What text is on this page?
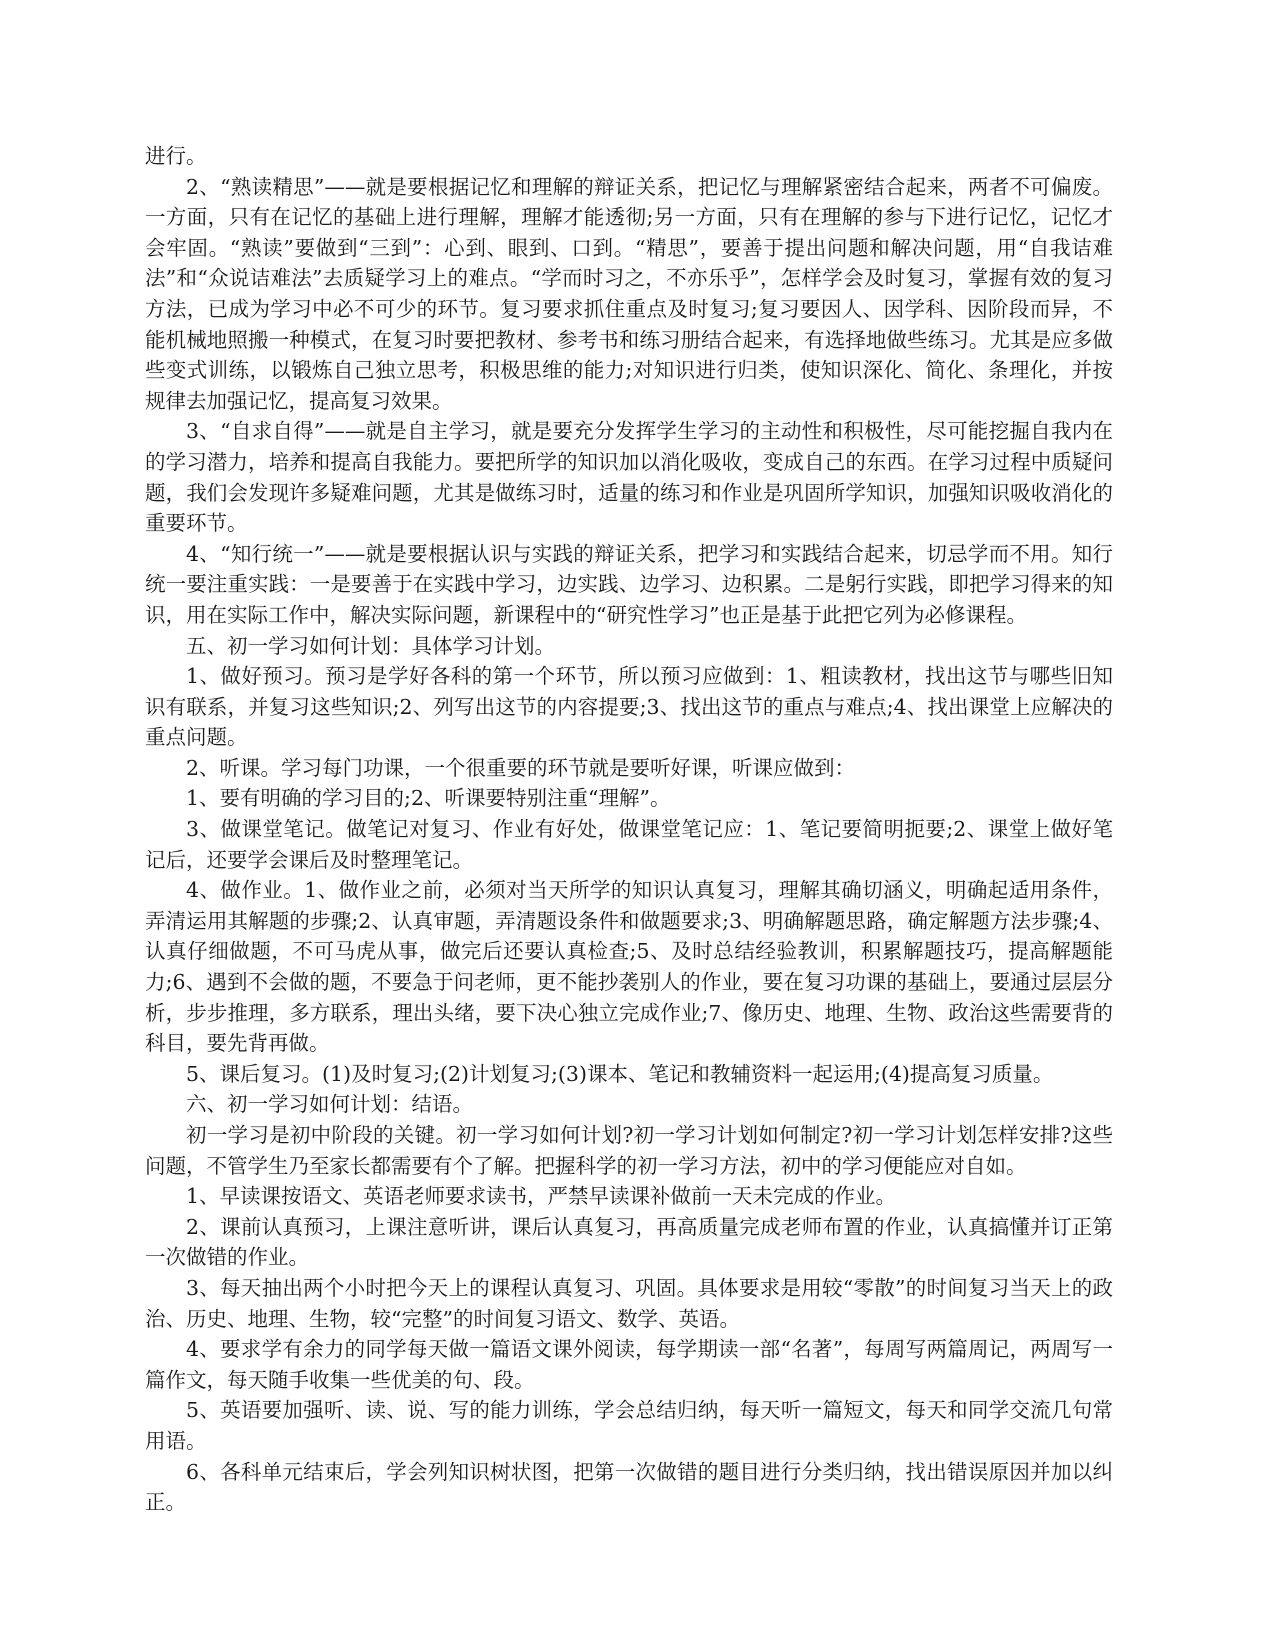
进行。

2、“熟读精思”——就是要根据记忆和理解的辩证关系，把记忆与理解紧密结合起来，两者不可偏废。一方面，只有在记忆的基础上进行理解，理解才能透彻;另一方面，只有在理解的参与下进行记忆，记忆才会牢固。“熟读”要做到“三到”：心到、眼到、口到。“精思”，要善于提出问题和解决问题，用“自我诘难法”和“众说诘难法”去质疑学习上的难点。“学而时习之，不亦乐乎”，怎样学会及时复习，掌握有效的复习方法，已成为学习中必不可少的环节。复习要求抓住重点及时复习;复习要因人、因学科、因阶段而异，不能机械地照搬一种模式，在复习时要把教材、参考书和练习册结合起来，有选择地做些练习。尤其是应多做些变式训练，以锻炼自己独立思考，积极思维的能力;对知识进行归类，使知识深化、简化、条理化，并按规律去加强记忆，提高复习效果。

3、“自求自得”——就是自主学习，就是要充分发挥学生学习的主动性和积极性，尽可能挖掘自我内在的学习潜力，培养和提高自我能力。要把所学的知识加以消化吸收，变成自己的东西。在学习过程中质疑问题，我们会发现许多疑难问题，尤其是做练习时，适量的练习和作业是巩固所学知识，加强知识吸收消化的重要环节。

4、“知行统一”——就是要根据认识与实践的辩证关系，把学习和实践结合起来，切忌学而不用。知行统一要注重实践：一是要善于在实践中学习，边实践、边学习、边积累。二是躬行实践，即把学习得来的知识，用在实际工作中，解决实际问题，新课程中的“研究性学习”也正是基于此把它列为必修课程。

五、初一学习如何计划：具体学习计划。

1、做好预习。预习是学好各科的第一个环节，所以预习应做到：1、粗读教材，找出这节与哪些旧知识有联系，并复习这些知识;2、列写出这节的内容提要;3、找出这节的重点与难点;4、找出课堂上应解决的重点问题。

2、听课。学习每门功课，一个很重要的环节就是要听好课，听课应做到：

1、要有明确的学习目的;2、听课要特别注重“理解”。

3、做课堂笔记。做笔记对复习、作业有好处，做课堂笔记应：1、笔记要简明扼要;2、课堂上做好笔记后，还要学会课后及时整理笔记。

4、做作业。1、做作业之前，必须对当天所学的知识认真复习，理解其确切涵义，明确起适用条件，弄清运用其解题的步骤;2、认真审题，弄清题设条件和做题要求;3、明确解题思路，确定解题方法步骤;4、认真仔细做题，不可马虎从事，做完后还要认真检查;5、及时总结经验教训，积累解题技巧，提高解题能力;6、遇到不会做的题，不要急于问老师，更不能抄袭别人的作业，要在复习功课的基础上，要通过层层分析，步步推理，多方联系，理出头绪，要下决心独立完成作业;7、像历史、地理、生物、政治这些需要背的科目，要先背再做。

5、课后复习。(1)及时复习;(2)计划复习;(3)课本、笔记和教辅资料一起运用;(4)提高复习质量。

六、初一学习如何计划：结语。

初一学习是初中阶段的关键。初一学习如何计划?初一学习计划如何制定?初一学习计划怎样安排?这些问题，不管学生乃至家长都需要有个了解。把握科学的初一学习方法，初中的学习便能应对自如。

1、早读课按语文、英语老师要求读书，严禁早读课补做前一天未完成的作业。

2、课前认真预习，上课注意听讲，课后认真复习，再高质量完成老师布置的作业，认真搞懂并订正第一次做错的作业。

3、每天抽出两个小时把今天上的课程认真复习、巩固。具体要求是用较“零散”的时间复习当天上的政治、历史、地理、生物，较“完整”的时间复习语文、数学、英语。

4、要求学有余力的同学每天做一篇语文课外阅读，每学期读一部“名著”，每周写两篇周记，两周写一篇作文，每天随手收集一些优美的句、段。

5、英语要加强听、读、说、写的能力训练，学会总结归纳，每天听一篇短文，每天和同学交流几句常用语。

6、各科单元结束后，学会列知识树状图，把第一次做错的题目进行分类归纳，找出错误原因并加以纠正。
